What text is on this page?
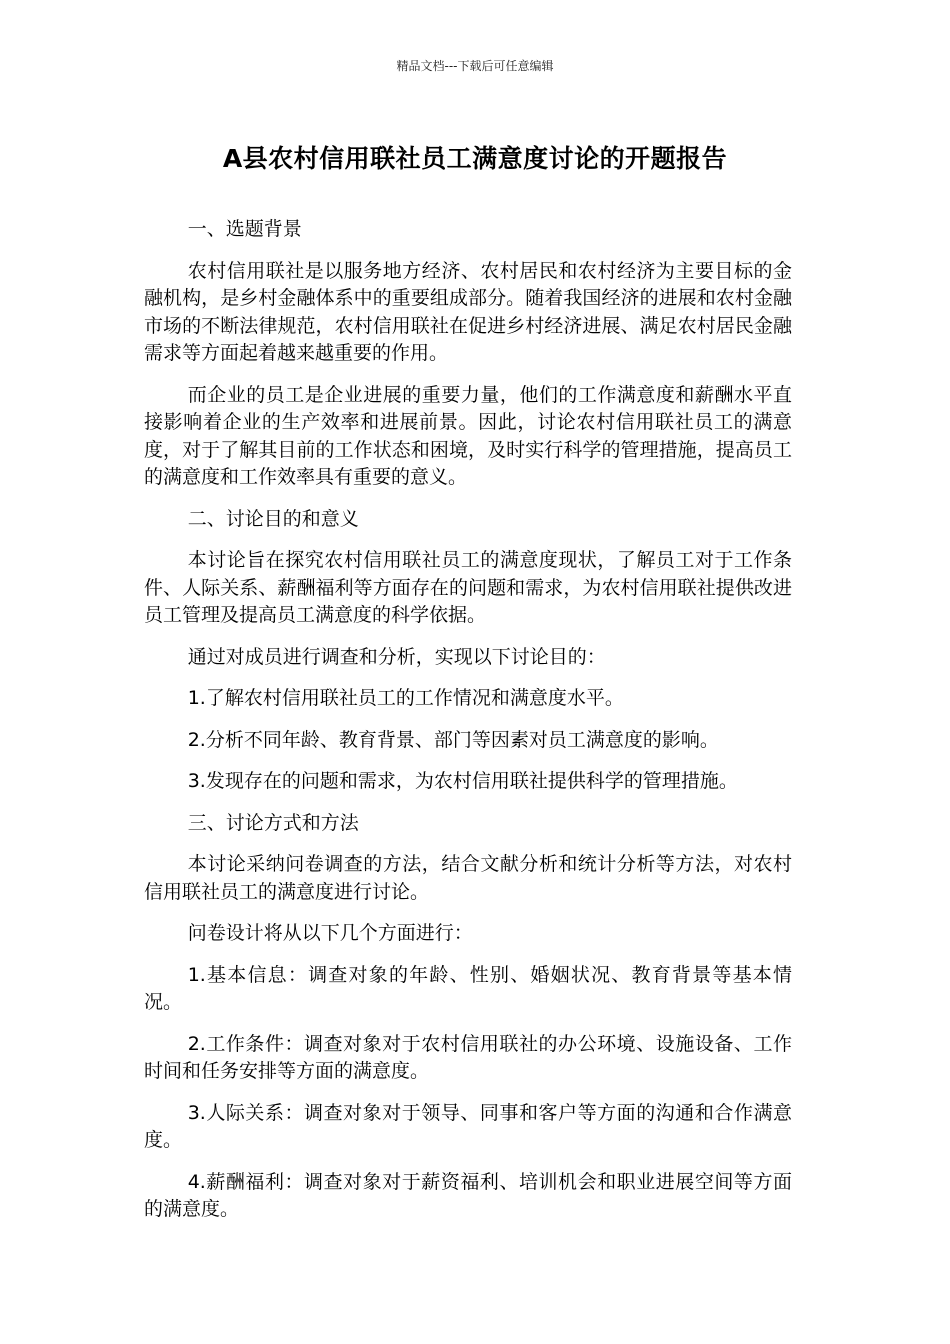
精品文档---下载后可任意编辑
A县农村信用联社员工满意度讨论的开题报告

一、选题背景

农村信用联社是以服务地方经济、农村居民和农村经济为主要目标的金融机构，是乡村金融体系中的重要组成部分。随着我国经济的进展和农村金融市场的不断法律规范，农村信用联社在促进乡村经济进展、满足农村居民金融需求等方面起着越来越重要的作用。

而企业的员工是企业进展的重要力量，他们的工作满意度和薪酬水平直接影响着企业的生产效率和进展前景。因此，讨论农村信用联社员工的满意度，对于了解其目前的工作状态和困境，及时实行科学的管理措施，提高员工的满意度和工作效率具有重要的意义。

二、讨论目的和意义

本讨论旨在探究农村信用联社员工的满意度现状，了解员工对于工作条件、人际关系、薪酬福利等方面存在的问题和需求，为农村信用联社提供改进员工管理及提高员工满意度的科学依据。

通过对成员进行调查和分析，实现以下讨论目的：

1.了解农村信用联社员工的工作情况和满意度水平。

2.分析不同年龄、教育背景、部门等因素对员工满意度的影响。

3.发现存在的问题和需求，为农村信用联社提供科学的管理措施。

三、讨论方式和方法

本讨论采纳问卷调查的方法，结合文献分析和统计分析等方法，对农村信用联社员工的满意度进行讨论。

问卷设计将从以下几个方面进行：

1.基本信息：调查对象的年龄、性别、婚姻状况、教育背景等基本情况。

2.工作条件：调查对象对于农村信用联社的办公环境、设施设备、工作时间和任务安排等方面的满意度。

3.人际关系：调查对象对于领导、同事和客户等方面的沟通和合作满意度。

4.薪酬福利：调查对象对于薪资福利、培训机会和职业进展空间等方面的满意度。
